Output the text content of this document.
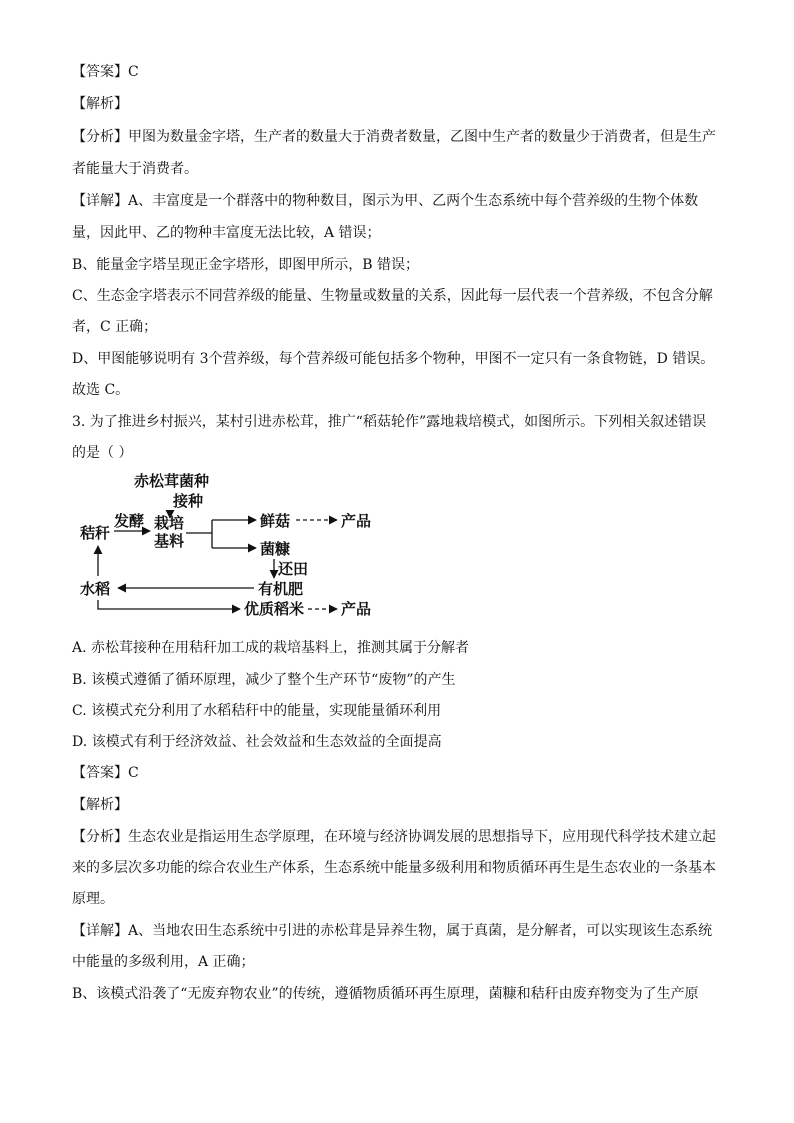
【答案】C
【解析】
【分析】甲图为数量金字塔，生产者的数量大于消费者数量，乙图中生产者的数量少于消费者，但是生产
者能量大于消费者。
【详解】A、丰富度是一个群落中的物种数目，图示为甲、乙两个生态系统中每个营养级的生物个体数
量，因此甲、乙的物种丰富度无法比较，A 错误；
B、能量金字塔呈现正金字塔形，即图甲所示，B 错误；
C、生态金字塔表示不同营养级的能量、生物量或数量的关系，因此每一层代表一个营养级，不包含分解
者，C 正确；
D、甲图能够说明有 3个营养级，每个营养级可能包括多个物种，甲图不一定只有一条食物链，D 错误。
故选 C。
3. 为了推进乡村振兴，某村引进赤松茸，推广“稻菇轮作”露地栽培模式，如图所示。下列相关叙述错误
的是（ ）
赤松茸菌种
接种
秸秆
发酵 栽培
基料
鲜菇	产品
菌糠
还田
水稻	有机肥
优质稻米 产品
A. 赤松茸接种在用秸秆加工成的栽培基料上，推测其属于分解者
B. 该模式遵循了循环原理，减少了整个生产环节“废物”的产生
C. 该模式充分利用了水稻秸秆中的能量，实现能量循环利用
D. 该模式有利于经济效益、社会效益和生态效益的全面提高
【答案】C
【解析】
【分析】生态农业是指运用生态学原理，在环境与经济协调发展的思想指导下，应用现代科学技术建立起
来的多层次多功能的综合农业生产体系，生态系统中能量多级利用和物质循环再生是生态农业的一条基本
原理。
【详解】A、当地农田生态系统中引进的赤松茸是异养生物，属于真菌，是分解者，可以实现该生态系统
中能量的多级利用，A 正确；
B、该模式沿袭了“无废弃物农业”的传统，遵循物质循环再生原理，菌糠和秸秆由废弃物变为了生产原
